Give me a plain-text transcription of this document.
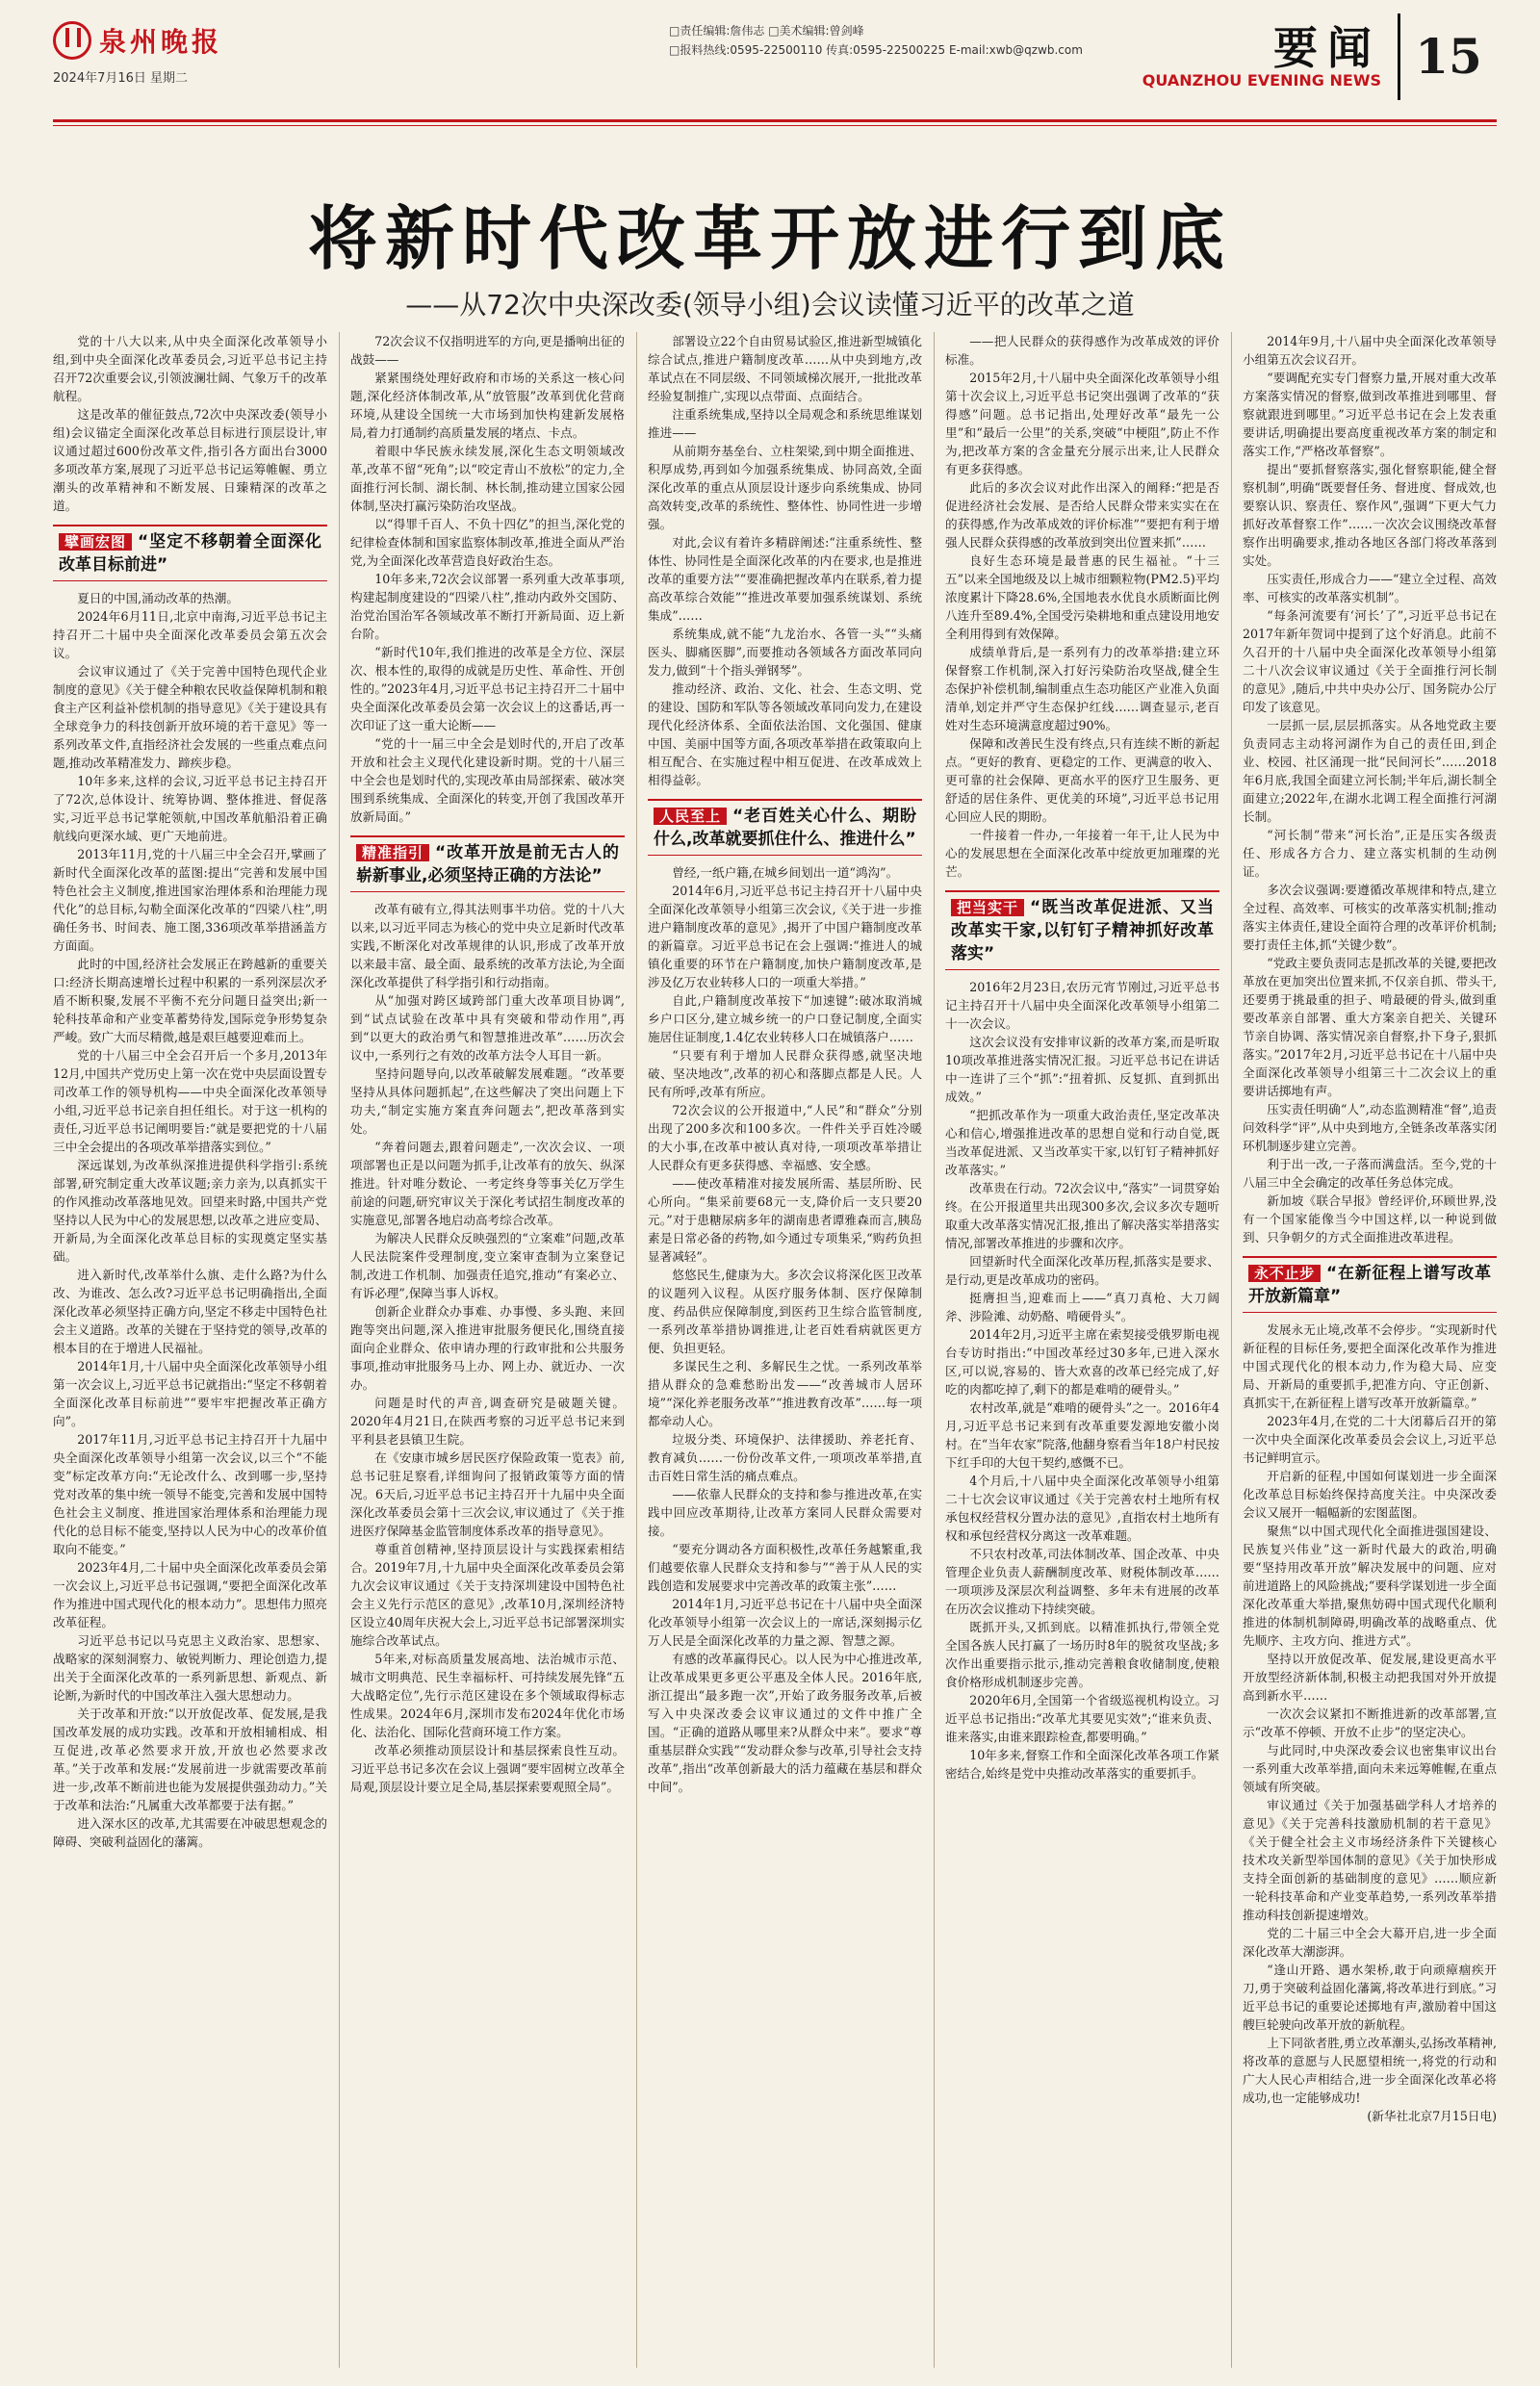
泉州晚报
2024年7月16日 星期二
□责任编辑:詹伟志 □美术编辑:曾剑峰
□报料热线:0595-22500110 传真:0595-22500225 E-mail:xwb@qzwb.com	要闻
QUANZHOU EVENING NEWS 15
将新时代改革开放进行到底
——从72次中央深改委(领导小组)会议读懂习近平的改革之道

党的十八大以来,从中央全面深化改革领导小组,到中央全面深化改革委员会,习近平总书记主持召开72次重要会议,引领波澜壮阔、气象万千的改革航程。

这是改革的催征鼓点,72次中央深改委(领导小组)会议锚定全面深化改革总目标进行顶层设计,审议通过超过600份改革文件,指引各方面出台3000多项改革方案,展现了习近平总书记运筹帷幄、勇立潮头的改革精神和不断发展、日臻精深的改革之道。

擘画宏图 “坚定不移朝着全面深化改革目标前进”

夏日的中国,涌动改革的热潮。

2024年6月11日,北京中南海,习近平总书记主持召开二十届中央全面深化改革委员会第五次会议。

会议审议通过了《关于完善中国特色现代企业制度的意见》《关于健全种粮农民收益保障机制和粮食主产区利益补偿机制的指导意见》《关于建设具有全球竞争力的科技创新开放环境的若干意见》等一系列改革文件,直指经济社会发展的一些重点难点问题,推动改革精准发力、蹄疾步稳。

10年多来,这样的会议,习近平总书记主持召开了72次,总体设计、统筹协调、整体推进、督促落实,习近平总书记掌舵领航,中国改革航船沿着正确航线向更深水域、更广天地前进。

2013年11月,党的十八届三中全会召开,擘画了新时代全面深化改革的蓝图:提出“完善和发展中国特色社会主义制度,推进国家治理体系和治理能力现代化”的总目标,勾勒全面深化改革的“四梁八柱”,明确任务书、时间表、施工图,336项改革举措涵盖方方面面。

此时的中国,经济社会发展正在跨越新的重要关口:经济长期高速增长过程中积累的一系列深层次矛盾不断积聚,发展不平衡不充分问题日益突出;新一轮科技革命和产业变革蓄势待发,国际竞争形势复杂严峻。致广大而尽精微,越是艰巨越要迎难而上。

党的十八届三中全会召开后一个多月,2013年12月,中国共产党历史上第一次在党中央层面设置专司改革工作的领导机构——中央全面深化改革领导小组,习近平总书记亲自担任组长。对于这一机构的责任,习近平总书记阐明要旨:“就是要把党的十八届三中全会提出的各项改革举措落实到位。”

深远谋划,为改革纵深推进提供科学指引:系统部署,研究制定重大改革议题;亲力亲为,以真抓实干的作风推动改革落地见效。回望来时路,中国共产党坚持以人民为中心的发展思想,以改革之进应变局、开新局,为全面深化改革总目标的实现奠定坚实基础。

进入新时代,改革举什么旗、走什么路?为什么改、为谁改、怎么改?习近平总书记明确指出,全面深化改革必须坚持正确方向,坚定不移走中国特色社会主义道路。改革的关键在于坚持党的领导,改革的根本目的在于增进人民福祉。

2014年1月,十八届中央全面深化改革领导小组第一次会议上,习近平总书记就指出:“坚定不移朝着全面深化改革目标前进”“要牢牢把握改革正确方向”。

2017年11月,习近平总书记主持召开十九届中央全面深化改革领导小组第一次会议,以三个“不能变”标定改革方向:“无论改什么、改到哪一步,坚持党对改革的集中统一领导不能变,完善和发展中国特色社会主义制度、推进国家治理体系和治理能力现代化的总目标不能变,坚持以人民为中心的改革价值取向不能变。”

2023年4月,二十届中央全面深化改革委员会第一次会议上,习近平总书记强调,“要把全面深化改革作为推进中国式现代化的根本动力”。思想伟力照亮改革征程。

习近平总书记以马克思主义政治家、思想家、战略家的深刻洞察力、敏锐判断力、理论创造力,提出关于全面深化改革的一系列新思想、新观点、新论断,为新时代的中国改革注入强大思想动力。

关于改革和开放:“以开放促改革、促发展,是我国改革发展的成功实践。改革和开放相辅相成、相互促进,改革必然要求开放,开放也必然要求改革。”关于改革和发展:“发展前进一步就需要改革前进一步,改革不断前进也能为发展提供强劲动力。”关于改革和法治:“凡属重大改革都要于法有据。”

进入深水区的改革,尤其需要在冲破思想观念的障碍、突破利益固化的藩篱。

72次会议不仅指明进军的方向,更是播响出征的战鼓——

紧紧围绕处理好政府和市场的关系这一核心问题,深化经济体制改革,从“放管服”改革到优化营商环境,从建设全国统一大市场到加快构建新发展格局,着力打通制约高质量发展的堵点、卡点。

着眼中华民族永续发展,深化生态文明领域改革,改革不留“死角”;以“咬定青山不放松”的定力,全面推行河长制、湖长制、林长制,推动建立国家公园体制,坚决打赢污染防治攻坚战。

以“得罪千百人、不负十四亿”的担当,深化党的纪律检查体制和国家监察体制改革,推进全面从严治党,为全面深化改革营造良好政治生态。

10年多来,72次会议部署一系列重大改革事项,构建起制度建设的“四梁八柱”,推动内政外交国防、治党治国治军各领域改革不断打开新局面、迈上新台阶。

“新时代10年,我们推进的改革是全方位、深层次、根本性的,取得的成就是历史性、革命性、开创性的。”2023年4月,习近平总书记主持召开二十届中央全面深化改革委员会第一次会议上的这番话,再一次印证了这一重大论断——

“党的十一届三中全会是划时代的,开启了改革开放和社会主义现代化建设新时期。党的十八届三中全会也是划时代的,实现改革由局部探索、破冰突围到系统集成、全面深化的转变,开创了我国改革开放新局面。”

精准指引 “改革开放是前无古人的崭新事业,必须坚持正确的方法论”

改革有破有立,得其法则事半功倍。党的十八大以来,以习近平同志为核心的党中央立足新时代改革实践,不断深化对改革规律的认识,形成了改革开放以来最丰富、最全面、最系统的改革方法论,为全面深化改革提供了科学指引和行动指南。

从“加强对跨区域跨部门重大改革项目协调”,到“试点试验在改革中具有突破和带动作用”,再到“以更大的政治勇气和智慧推进改革”……历次会议中,一系列行之有效的改革方法令人耳目一新。

坚持问题导向,以改革破解发展难题。“改革要坚持从具体问题抓起”,在这些解决了突出问题上下功夫,“制定实施方案直奔问题去”,把改革落到实处。

“奔着问题去,跟着问题走”,一次次会议、一项项部署也正是以问题为抓手,让改革有的放矢、纵深推进。针对唯分数论、一考定终身等事关亿万学生前途的问题,研究审议关于深化考试招生制度改革的实施意见,部署各地启动高考综合改革。

为解决人民群众反映强烈的“立案难”问题,改革人民法院案件受理制度,变立案审查制为立案登记制,改进工作机制、加强责任追究,推动“有案必立、有诉必理”,保障当事人诉权。

创新企业群众办事难、办事慢、多头跑、来回跑等突出问题,深入推进审批服务便民化,围绕直接面向企业群众、依申请办理的行政审批和公共服务事项,推动审批服务马上办、网上办、就近办、一次办。

问题是时代的声音,调查研究是破题关键。2020年4月21日,在陕西考察的习近平总书记来到平利县老县镇卫生院。

在《安康市城乡居民医疗保险政策一览表》前,总书记驻足察看,详细询问了报销政策等方面的情况。6天后,习近平总书记主持召开十九届中央全面深化改革委员会第十三次会议,审议通过了《关于推进医疗保障基金监管制度体系改革的指导意见》。

尊重首创精神,坚持顶层设计与实践探索相结合。2019年7月,十九届中央全面深化改革委员会第九次会议审议通过《关于支持深圳建设中国特色社会主义先行示范区的意见》,改革10月,深圳经济特区设立40周年庆祝大会上,习近平总书记部署深圳实施综合改革试点。

5年来,对标高质量发展高地、法治城市示范、城市文明典范、民生幸福标杆、可持续发展先锋“五大战略定位”,先行示范区建设在多个领域取得标志性成果。2024年6月,深圳市发布2024年优化市场化、法治化、国际化营商环境工作方案。

改革必须推动顶层设计和基层探索良性互动。习近平总书记多次在会议上强调“要牢固树立改革全局观,顶层设计要立足全局,基层探索要观照全局”。

部署设立22个自由贸易试验区,推进新型城镇化综合试点,推进户籍制度改革……从中央到地方,改革试点在不同层级、不同领域梯次展开,一批批改革经验复制推广,实现以点带面、点面结合。

注重系统集成,坚持以全局观念和系统思维谋划推进——

从前期夯基垒台、立柱架梁,到中期全面推进、积厚成势,再到如今加强系统集成、协同高效,全面深化改革的重点从顶层设计逐步向系统集成、协同高效转变,改革的系统性、整体性、协同性进一步增强。

对此,会议有着许多精辟阐述:“注重系统性、整体性、协同性是全面深化改革的内在要求,也是推进改革的重要方法”“要准确把握改革内在联系,着力提高改革综合效能”“推进改革要加强系统谋划、系统集成”……

系统集成,就不能“九龙治水、各管一头”“头痛医头、脚痛医脚”,而要推动各领域各方面改革同向发力,做到“十个指头弹钢琴”。

推动经济、政治、文化、社会、生态文明、党的建设、国防和军队等各领域改革同向发力,在建设现代化经济体系、全面依法治国、文化强国、健康中国、美丽中国等方面,各项改革举措在政策取向上相互配合、在实施过程中相互促进、在改革成效上相得益彰。

人民至上 “老百姓关心什么、期盼什么,改革就要抓住什么、推进什么”

曾经,一纸户籍,在城乡间划出一道“鸿沟”。

2014年6月,习近平总书记主持召开十八届中央全面深化改革领导小组第三次会议,《关于进一步推进户籍制度改革的意见》,揭开了中国户籍制度改革的新篇章。习近平总书记在会上强调:“推进人的城镇化重要的环节在户籍制度,加快户籍制度改革,是涉及亿万农业转移人口的一项重大举措。”

自此,户籍制度改革按下“加速键”:破冰取消城乡户口区分,建立城乡统一的户口登记制度,全面实施居住证制度,1.4亿农业转移人口在城镇落户……

“只要有利于增加人民群众获得感,就坚决地破、坚决地改”,改革的初心和落脚点都是人民。人民有所呼,改革有所应。

72次会议的公开报道中,“人民”和“群众”分别出现了200多次和100多次。一件件关乎百姓冷暖的大小事,在改革中被认真对待,一项项改革举措让人民群众有更多获得感、幸福感、安全感。

——使改革精准对接发展所需、基层所盼、民心所向。“集采前要68元一支,降价后一支只要20元。”对于患糖尿病多年的湖南患者谭雅森而言,胰岛素是日常必备的药物,如今通过专项集采,“购药负担显著减轻”。

悠悠民生,健康为大。多次会议将深化医卫改革的议题列入议程。从医疗服务体制、医疗保障制度、药品供应保障制度,到医药卫生综合监管制度,一系列改革举措协调推进,让老百姓看病就医更方便、负担更轻。

多谋民生之利、多解民生之忧。一系列改革举措从群众的急难愁盼出发——“改善城市人居环境”“深化养老服务改革”“推进教育改革”……每一项都牵动人心。

垃圾分类、环境保护、法律援助、养老托育、教育减负……一份份改革文件,一项项改革举措,直击百姓日常生活的痛点难点。

——依靠人民群众的支持和参与推进改革,在实践中回应改革期待,让改革方案同人民群众需要对接。

“要充分调动各方面积极性,改革任务越繁重,我们越要依靠人民群众支持和参与”“善于从人民的实践创造和发展要求中完善改革的政策主张”……

2014年1月,习近平总书记在十八届中央全面深化改革领导小组第一次会议上的一席话,深刻揭示亿万人民是全面深化改革的力量之源、智慧之源。

有感的改革赢得民心。以人民为中心推进改革,让改革成果更多更公平惠及全体人民。2016年底,浙江提出“最多跑一次”,开始了政务服务改革,后被写入中央深改委会议审议通过的文件中推广全国。“正确的道路从哪里来?从群众中来”。要求“尊重基层群众实践”“发动群众参与改革,引导社会支持改革”,指出“改革创新最大的活力蕴藏在基层和群众中间”。

——把人民群众的获得感作为改革成效的评价标准。

2015年2月,十八届中央全面深化改革领导小组第十次会议上,习近平总书记突出强调了改革的“获得感”问题。总书记指出,处理好改革“最先一公里”和“最后一公里”的关系,突破“中梗阻”,防止不作为,把改革方案的含金量充分展示出来,让人民群众有更多获得感。

此后的多次会议对此作出深入的阐释:“把是否促进经济社会发展、是否给人民群众带来实实在在的获得感,作为改革成效的评价标准”“要把有利于增强人民群众获得感的改革放到突出位置来抓”……

良好生态环境是最普惠的民生福祉。“十三五”以来全国地级及以上城市细颗粒物(PM2.5)平均浓度累计下降28.6%,全国地表水优良水质断面比例八连升至89.4%,全国受污染耕地和重点建设用地安全利用得到有效保障。

成绩单背后,是一系列有力的改革举措:建立环保督察工作机制,深入打好污染防治攻坚战,健全生态保护补偿机制,编制重点生态功能区产业准入负面清单,划定并严守生态保护红线……调查显示,老百姓对生态环境满意度超过90%。

保障和改善民生没有终点,只有连续不断的新起点。“更好的教育、更稳定的工作、更满意的收入、更可靠的社会保障、更高水平的医疗卫生服务、更舒适的居住条件、更优美的环境”,习近平总书记用心回应人民的期盼。

一件接着一件办,一年接着一年干,让人民为中心的发展思想在全面深化改革中绽放更加璀璨的光芒。

把当实干 “既当改革促进派、又当改革实干家,以钉钉子精神抓好改革落实”

2016年2月23日,农历元宵节刚过,习近平总书记主持召开十八届中央全面深化改革领导小组第二十一次会议。

这次会议没有安排审议新的改革方案,而是听取10项改革推进落实情况汇报。习近平总书记在讲话中一连讲了三个“抓”:“扭着抓、反复抓、直到抓出成效。”

“把抓改革作为一项重大政治责任,坚定改革决心和信心,增强推进改革的思想自觉和行动自觉,既当改革促进派、又当改革实干家,以钉钉子精神抓好改革落实。”

改革贵在行动。72次会议中,“落实”一词贯穿始终。在公开报道里共出现300多次,会议多次专题听取重大改革落实情况汇报,推出了解决落实举措落实情况,部署改革推进的步骤和次序。

回望新时代全面深化改革历程,抓落实是要求、是行动,更是改革成功的密码。

挺膺担当,迎难而上——“真刀真枪、大刀阔斧、涉险滩、动奶酪、啃硬骨头”。

2014年2月,习近平主席在索契接受俄罗斯电视台专访时指出:“中国改革经过30多年,已进入深水区,可以说,容易的、皆大欢喜的改革已经完成了,好吃的肉都吃掉了,剩下的都是难啃的硬骨头。”

农村改革,就是“难啃的硬骨头”之一。2016年4月,习近平总书记来到有改革重要发源地安徽小岗村。在“当年农家”院落,他翻身察看当年18户村民按下红手印的大包干契约,感慨不已。

4个月后,十八届中央全面深化改革领导小组第二十七次会议审议通过《关于完善农村土地所有权承包权经营权分置办法的意见》,直指农村土地所有权和承包经营权分离这一改革难题。

不只农村改革,司法体制改革、国企改革、中央管理企业负责人薪酬制度改革、财税体制改革……一项项涉及深层次利益调整、多年未有进展的改革在历次会议推动下持续突破。

既抓开头,又抓到底。以精准抓执行,带领全党全国各族人民打赢了一场历时8年的脱贫攻坚战;多次作出重要指示批示,推动完善粮食收储制度,使粮食价格形成机制逐步完善。

2020年6月,全国第一个省级巡视机构设立。习近平总书记指出:“改革尤其要见实效”;“谁来负责、谁来落实,由谁来跟踪检查,都要明确。”

10年多来,督察工作和全面深化改革各项工作紧密结合,始终是党中央推动改革落实的重要抓手。

2014年9月,十八届中央全面深化改革领导小组第五次会议召开。

“要调配充实专门督察力量,开展对重大改革方案落实情况的督察,做到改革推进到哪里、督察就跟进到哪里。”习近平总书记在会上发表重要讲话,明确提出要高度重视改革方案的制定和落实工作,“严格改革督察”。

提出“要抓督察落实,强化督察职能,健全督察机制”,明确“既要督任务、督进度、督成效,也要察认识、察责任、察作风”,强调“下更大气力抓好改革督察工作”……一次次会议围绕改革督察作出明确要求,推动各地区各部门将改革落到实处。

压实责任,形成合力——“建立全过程、高效率、可核实的改革落实机制”。

“每条河流要有‘河长’了”,习近平总书记在2017年新年贺词中提到了这个好消息。此前不久召开的十八届中央全面深化改革领导小组第二十八次会议审议通过《关于全面推行河长制的意见》,随后,中共中央办公厅、国务院办公厅印发了该意见。

一层抓一层,层层抓落实。从各地党政主要负责同志主动将河湖作为自己的责任田,到企业、校园、社区涌现一批“民间河长”……2018年6月底,我国全面建立河长制;半年后,湖长制全面建立;2022年,在湖水北调工程全面推行河湖长制。

“河长制”带来“河长治”,正是压实各级责任、形成各方合力、建立落实机制的生动例证。

多次会议强调:要遵循改革规律和特点,建立全过程、高效率、可核实的改革落实机制;推动落实主体责任,建设全面符合理的改革评价机制;要打责任主体,抓“关键少数”。

“党政主要负责同志是抓改革的关键,要把改革放在更加突出位置来抓,不仅亲自抓、带头干,还要勇于挑最重的担子、啃最硬的骨头,做到重要改革亲自部署、重大方案亲自把关、关键环节亲自协调、落实情况亲自督察,扑下身子,狠抓落实。”2017年2月,习近平总书记在十八届中央全面深化改革领导小组第三十二次会议上的重要讲话掷地有声。

压实责任明确“人”,动态监测精准“督”,追责问效科学“评”,从中央到地方,全链条改革落实闭环机制逐步建立完善。

利于出一改,一子落而满盘活。至今,党的十八届三中全会确定的改革任务总体完成。

新加坡《联合早报》曾经评价,环顾世界,没有一个国家能像当今中国这样,以一种说到做到、只争朝夕的方式全面推进改革进程。

永不止步 “在新征程上谱写改革开放新篇章”

发展永无止境,改革不会停步。“实现新时代新征程的目标任务,要把全面深化改革作为推进中国式现代化的根本动力,作为稳大局、应变局、开新局的重要抓手,把准方向、守正创新、真抓实干,在新征程上谱写改革开放新篇章。”

2023年4月,在党的二十大闭幕后召开的第一次中央全面深化改革委员会会议上,习近平总书记鲜明宣示。

开启新的征程,中国如何谋划进一步全面深化改革总目标始终保持高度关注。中央深改委会议又展开一幅幅新的宏图蓝图。

聚焦“以中国式现代化全面推进强国建设、民族复兴伟业”这一新时代最大的政治,明确要“坚持用改革开放”解决发展中的问题、应对前进道路上的风险挑战;“要科学谋划进一步全面深化改革重大举措,聚焦妨碍中国式现代化顺利推进的体制机制障碍,明确改革的战略重点、优先顺序、主攻方向、推进方式”。

坚持以开放促改革、促发展,建设更高水平开放型经济新体制,积极主动把我国对外开放提高到新水平……

一次次会议紧扣不断推进新的改革部署,宣示“改革不停顿、开放不止步”的坚定决心。

与此同时,中央深改委会议也密集审议出台一系列重大改革举措,面向未来远筹帷幄,在重点领域有所突破。

审议通过《关于加强基础学科人才培养的意见》《关于完善科技激励机制的若干意见》《关于健全社会主义市场经济条件下关键核心技术攻关新型举国体制的意见》《关于加快形成支持全面创新的基础制度的意见》……顺应新一轮科技革命和产业变革趋势,一系列改革举措推动科技创新提速增效。

党的二十届三中全会大幕开启,进一步全面深化改革大潮澎湃。

“逢山开路、遇水架桥,敢于向顽瘴痼疾开刀,勇于突破利益固化藩篱,将改革进行到底。”习近平总书记的重要论述掷地有声,激励着中国这艘巨轮驶向改革开放的新航程。

上下同欲者胜,勇立改革潮头,弘扬改革精神,将改革的意愿与人民愿望相统一,将党的行动和广大人民心声相结合,进一步全面深化改革必将成功,也一定能够成功!

(新华社北京7月15日电)
